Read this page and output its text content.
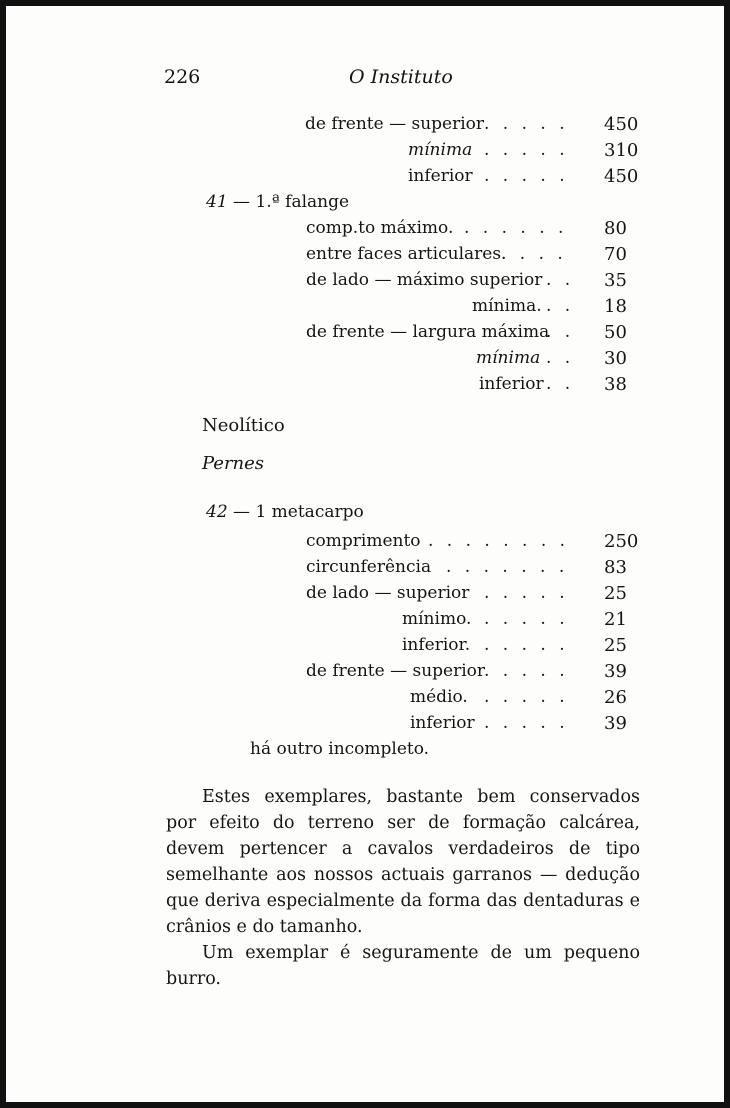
226	O Instituto
de frente — superior . . . . . 450
mínima . . . . . 310
inferior . . . . . 450
41 — 1.ª falange
comp.to máximo. . . . . . . 80
entre faces articulares.
. . . . 70
de lado — máximo superior . . 35
mínima. . . 18
de frente — largura máxima
. . 50
mínima . . 30
inferior . . 38
Neolítico
Pernes
42 — 1 metacarpo
comprimento . . . . . . . . 250
circunferência . . . . . . . 83
de lado — superior . . . . . 25
mínimo. . . . . . 21
inferior. . . . . . 25
de frente — superior
. . . . . 39
médio. . . . . . 26
inferior . . . . . 39
há outro incompleto.

Estes exemplares, bastante bem conservados por efeito do terreno ser de formação calcárea, devem pertencer a cavalos verdadeiros de tipo semelhante aos nossos actuais garranos — dedução que deriva especialmente da forma das dentaduras e crânios e do tamanho.

Um exemplar é seguramente de um pequeno burro.
